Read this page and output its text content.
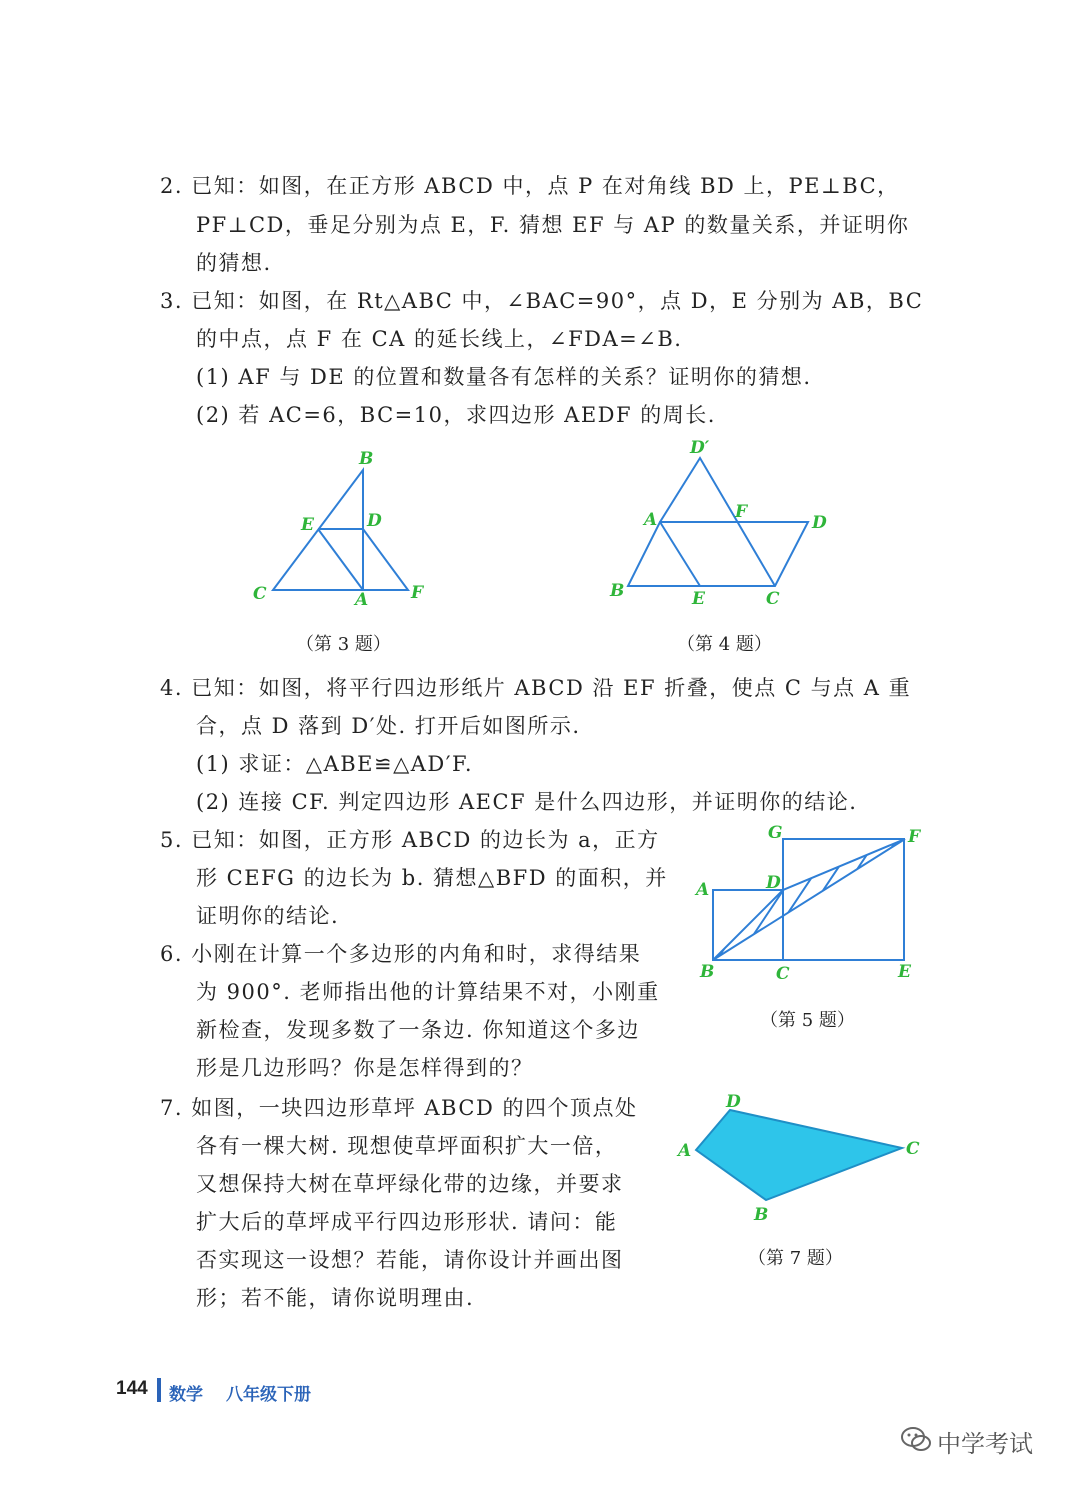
2. 已知：如图，在正方形 ABCD 中，点 P 在对角线 BD 上，PE⊥BC，
PF⊥CD，垂足分别为点 E，F. 猜想 EF 与 AP 的数量关系，并证明你
的猜想.
3. 已知：如图，在 Rt△ABC 中，∠BAC=90°，点 D，E 分别为 AB，BC
的中点，点 F 在 CA 的延长线上，∠FDA=∠B.
(1) AF 与 DE 的位置和数量各有怎样的关系？证明你的猜想.
(2) 若 AC=6，BC=10，求四边形 AEDF 的周长.
B
E	D
C	A	F
（第 3 题）
D′
A	F
D
B	E	C
（第 4 题）
4. 已知：如图，将平行四边形纸片 ABCD 沿 EF 折叠，使点 C 与点 A 重
合，点 D 落到 D′处. 打开后如图所示.
(1) 求证：△ABE≌△AD′F.
(2) 连接 CF. 判定四边形 AECF 是什么四边形，并证明你的结论.
5. 已知：如图，正方形 ABCD 的边长为 a，正方
形 CEFG 的边长为 b. 猜想△BFD 的面积，并
证明你的结论.
G	F
A	D
B	C	E
（第 5 题）
6. 小刚在计算一个多边形的内角和时，求得结果
为 900°. 老师指出他的计算结果不对，小刚重
新检查，发现多数了一条边. 你知道这个多边
形是几边形吗？你是怎样得到的？
7. 如图，一块四边形草坪 ABCD 的四个顶点处
各有一棵大树. 现想使草坪面积扩大一倍，
又想保持大树在草坪绿化带的边缘，并要求
扩大后的草坪成平行四边形形状. 请问：能
否实现这一设想？若能，请你设计并画出图
形；若不能，请你说明理由.
D
A	C
B
（第 7 题）
144 数学 八年级下册
中学考试
